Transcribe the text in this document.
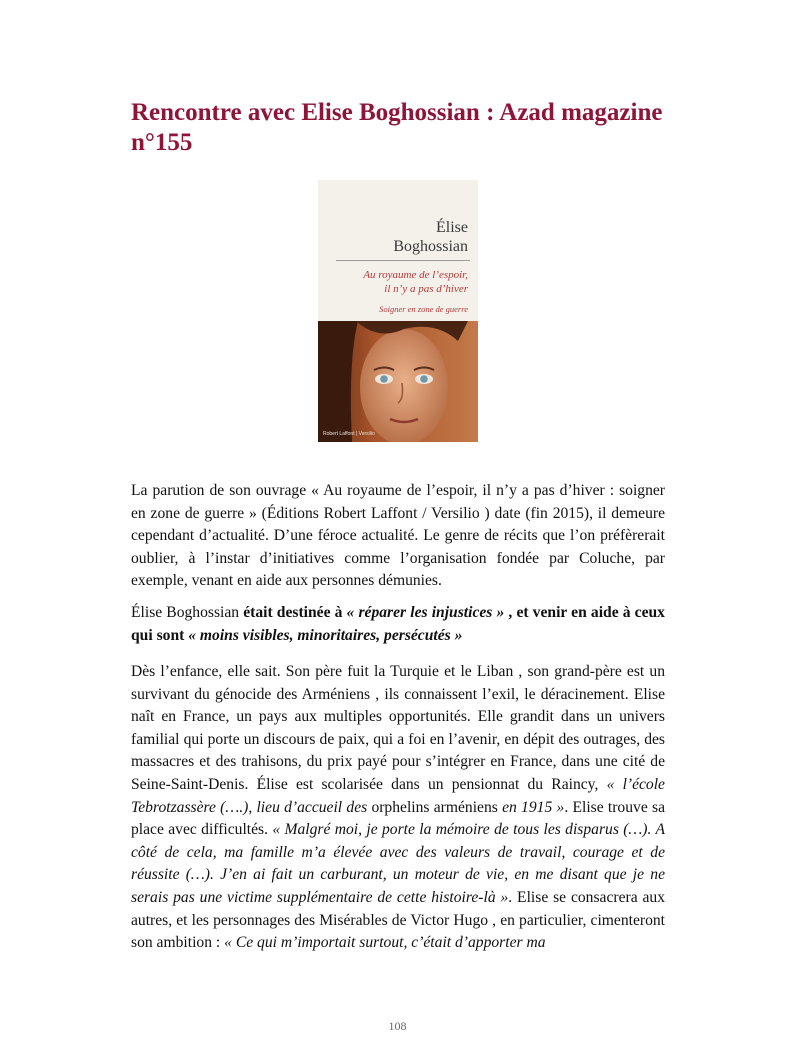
Rencontre avec Elise Boghossian : Azad magazine n°155
Élise
Boghossian
Au royaume de l’espoir,
il n’y a pas d’hiver
Soigner en zone de guerre
Robert Laffont | Versilio

La parution de son ouvrage « Au royaume de l’espoir, il n’y a pas d’hiver : soigner en zone de guerre » (Éditions Robert Laffont / Versilio ) date (fin 2015), il demeure cependant d’actualité. D’une féroce actualité. Le genre de récits que l’on préfèrerait oublier, à l’instar d’initiatives comme l’organisation fondée par Coluche, par exemple, venant en aide aux personnes démunies.

Élise Boghossian était destinée à « réparer les injustices » , et venir en aide à ceux qui sont « moins visibles, minoritaires, persécutés »

Dès l’enfance, elle sait. Son père fuit la Turquie et le Liban , son grand-père est un survivant du génocide des Arméniens , ils connaissent l’exil, le déracinement. Elise naît en France, un pays aux multiples opportunités. Elle grandit dans un univers familial qui porte un discours de paix, qui a foi en l’avenir, en dépit des outrages, des massacres et des trahisons, du prix payé pour s’intégrer en France, dans une cité de Seine-Saint-Denis. Élise est scolarisée dans un pensionnat du Raincy, « l’école Tebrotzassère (….), lieu d’accueil des orphelins arméniens en 1915 ». Elise trouve sa place avec difficultés. « Malgré moi, je porte la mémoire de tous les disparus (…). A côté de cela, ma famille m’a élevée avec des valeurs de travail, courage et de réussite (…). J’en ai fait un carburant, un moteur de vie, en me disant que je ne serais pas une victime supplémentaire de cette histoire-là ». Elise se consacrera aux autres, et les personnages des Misérables de Victor Hugo , en particulier, cimenteront son ambition : « Ce qui m’importait surtout, c’était d’apporter ma

108
